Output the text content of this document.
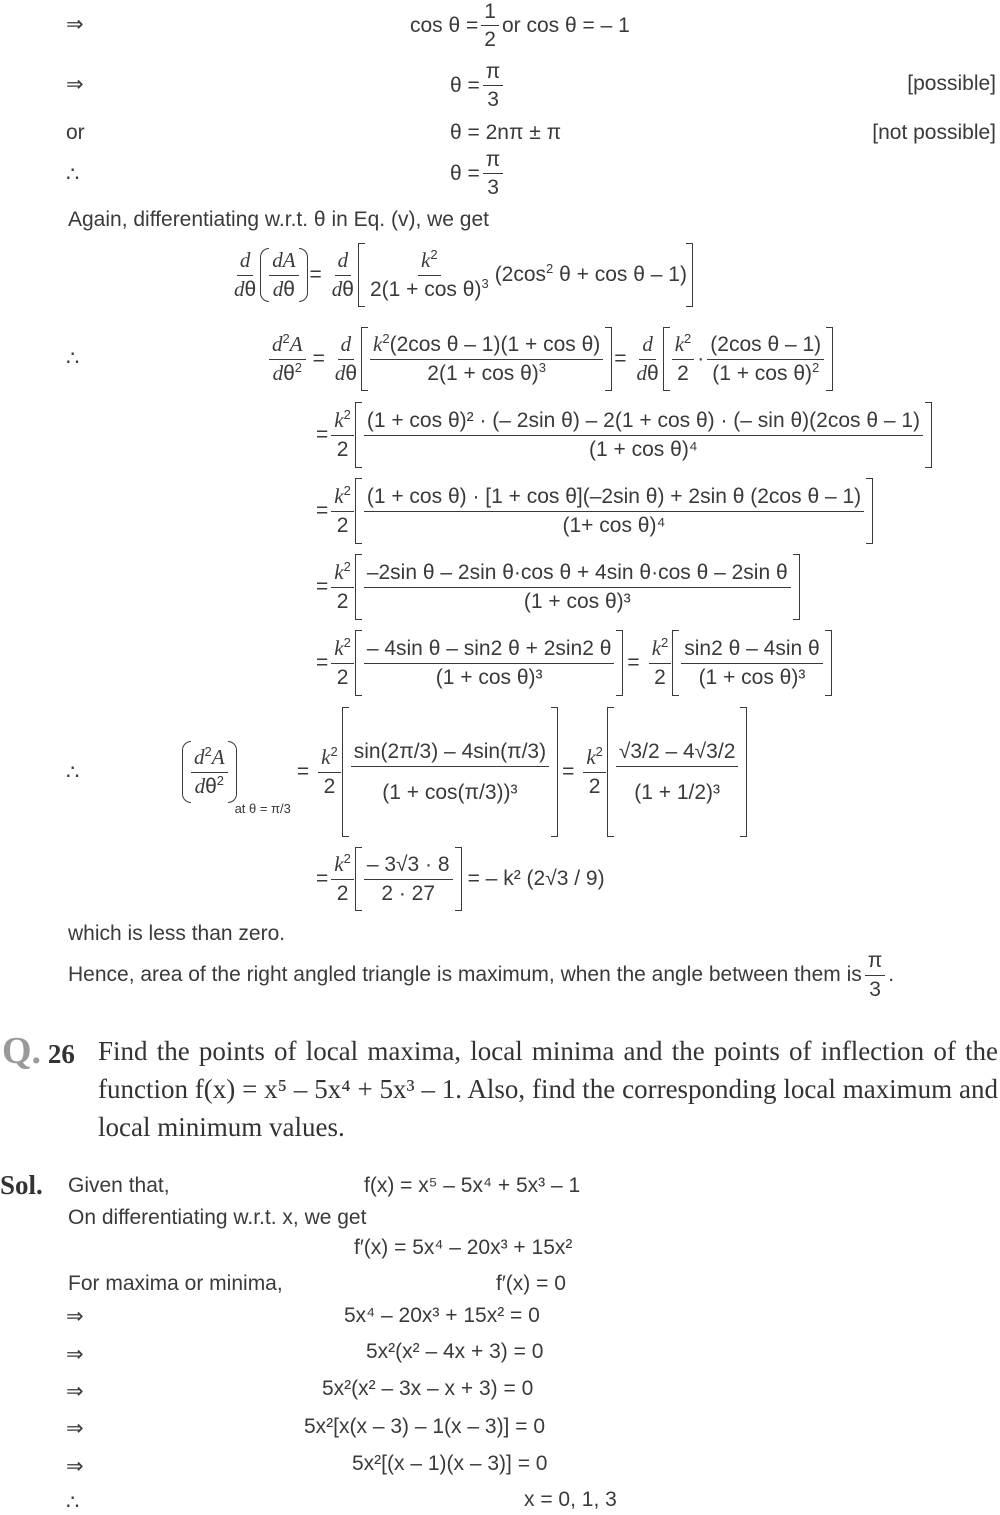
⇒	$\cos \theta = \frac{1}{2}$ or cos θ = – 1
⇒	$\theta = \frac{\pi}{3}$	[possible]
or	θ = 2nπ ± π	[not possible]
∴	$\theta = \frac{\pi}{3}$
Again, differentiating w.r.t. θ in Eq. (v), we get
$\frac{d}{d\theta} \frac{dA}{d\theta} = \frac{d}{d\theta} \frac{k^2}{2(1 + \cos \theta)^3} (2\cos^2$ θ + cos θ – 1)
∴	$\frac{d^2A}{d\theta^2} = \frac{d}{d\theta} \frac{k^2(2\cos \theta - 1)(1 + \cos \theta)}{2(1 + \cos \theta)^3} = \frac{d}{d\theta} \frac{k^2}{2} \cdot \frac{\text{(2cos θ – 1)}}{(1 + \cos \theta)^2}$
= $\frac{k^2}{2} (1 + \cos \theta)^2$ · (– 2sin θ) – 2(1 + cos θ) · (– sin θ)(2cos θ – 1)
(1 + cos θ)⁴
= $\frac{k^2}{2} \frac{\text{(1 + cos θ) · [1 + cos θ](–2sin θ) + 2sin θ (2cos θ – 1)}}{\text{(1+ cos θ)⁴}}$
= $\frac{k^2}{2} \frac{\text{–2sin θ – 2sin θ·cos θ + 4sin θ·cos θ – 2sin θ}}{\text{(1 + cos θ)³}}$
= $\frac{k^2}{2} \frac{\text{– 4sin θ – sin2 θ + 2sin2 θ}}{\text{(1 + cos θ)³}} = \frac{k^2}{2} \frac{\text{sin2 θ – 4sin θ}}{\text{(1 + cos θ)³}}$
∴	$\frac{d^2A}{d\theta^2}$
at θ = π/3
= $\frac{k^2}{2} \frac{\sin(2\pi/3) - 4\sin(\pi/3)}{\text{(1 + cos(π/3))³}} = \frac{k^2}{2} \frac{√3/2 - 4√3/2}{\text{(1 + 1/2)³}}$
= $\frac{k^2}{2} \frac{- 3√3 \cdot 8}{2 \cdot 27}$ = – k² (2√3 / 9)
which is less than zero.
Hence, area of the right angled triangle is maximum, when the angle between them is $\frac{\pi}{3}$ .
Q. 26 Find the points of local maxima, local minima and the points of inflection of the function f(x) = x⁵ – 5x⁴ + 5x³ – 1. Also, find the corresponding local maximum and local minimum values.
Sol. Given that,	f(x) = x⁵ – 5x⁴ + 5x³ – 1
On differentiating w.r.t. x, we get
f′(x) = 5x⁴ – 20x³ + 15x²
For maxima or minima,	f′(x) = 0
⇒	5x⁴ – 20x³ + 15x² = 0
⇒	5x²(x² – 4x + 3) = 0
⇒	5x²(x² – 3x – x + 3) = 0
⇒	5x²[x(x – 3) – 1(x – 3)] = 0
⇒	5x²[(x – 1)(x – 3)] = 0
∴	x = 0, 1, 3
